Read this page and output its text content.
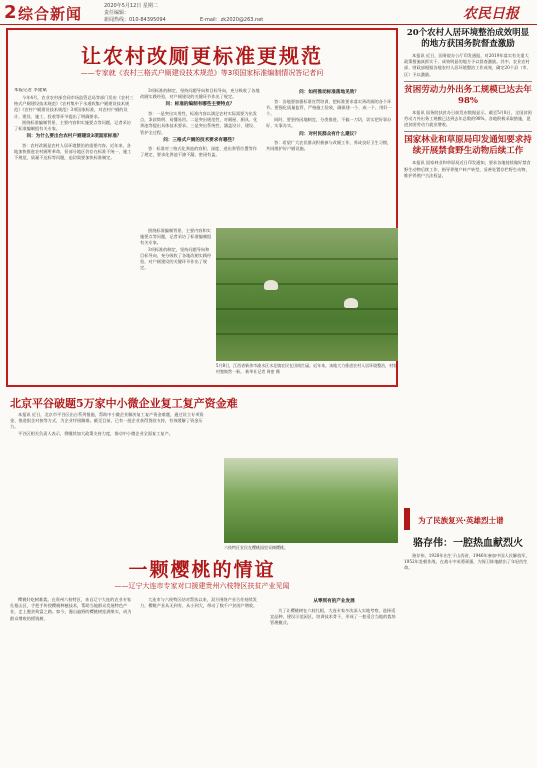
2 综合新闻	2020年5月12日 星期二
责任编辑：
新闻热线：010-84395094	E-mail：zk2020@263.net	农民日报
让农村改厕更标准更规范
——专家就《农村三格式户厕建设技术规范》等3项国家标准编制情况答记者问

本报记者 李建斌

今年4月，农业农村部会同市场监管总局等部门发布《农村三格式户厕建设技术规范》《农村集中下水道收集户厕建设技术规范》《农村户厕建设技术规范》3项国家标准，对农村户厕的设计、建设、施工、验收等环节提出了明确要求。

围绕标准编制背景、主要内容和实施要点等问题，记者采访了标准编制组有关专家。

问：为什么要出台农村户厕建设3项国家标准？

答：农村改厕是农村人居环境整治的重要内容。近年来，各地加快推进农村厕所革命，但部分地区仍存在标准不统一、施工不规范、质量不达标等问题，迫切需要加快标准制定。

3项标准的制定，坚持问题导向和目标导向，充分吸收了各地改厕实践经验，对户厕建设的关键环节作出了规定。

问：标准的编制有哪些主要特点？

答：一是突出实用性，标准内容以满足农村实际需要为出发点，条款简明、易懂易用。二是突出规范性，对厕屋、厕具、化粪池等提出具体技术要求。三是突出系统性，涵盖设计、建设、管护全过程。

问：三格式户厕的技术要求有哪些？

答：标准对三格式化粪池的容积、深度、进出粪管位置等作了规定，要求化粪池不渗不漏、密闭有盖。

问：如何推动标准落地见效？

答：各地要加强标准宣贯培训，把标准要求落实到改厕的各个环节。要强化质量监管，严格施工验收，确保建一个、成一个、用好一个。

同时，要坚持因地制宜，分类推进，不搞一刀切，切实把好事办好、实事办实。

问：对村民群众有什么建议？

答：希望广大农民群众积极参与改厕工作，养成良好卫生习惯，共同维护好户厕设施。

围绕标准编制背景、主要内容和实施要点等问题，记者采访了标准编制组有关专家。

3项标准的制定，坚持问题导向和目标导向，充分吸收了各地改厕实践经验，对户厕建设的关键环节作出了规定。

5月8日，江西省新余市渝水区水北镇农民在田间忙碌。近年来，该地大力推进农村人居环境整治，村容村貌焕然一新。 新华社记者 周密 摄
20个农村人居环境整治成效明显的地方获国务院督查激励

本报讯 近日，国务院办公厅印发通报，对2019年落实有关重大政策措施真抓实干、成效明显的地方予以督查激励。其中，农业农村部、财政部根据各地农村人居环境整治工作成效，确定20个县（市、区）予以激励。

贫困劳动力外出务工规模已达去年98%

本报讯 国务院扶贫办日前发布数据显示，截至5月8日，全国贫困劳动力外出务工规模已达到去年总数的98%，各地积极采取措施，促进贫困劳动力就业增收。

国家林业和草原局印发通知要求持续开展禁食野生动物后续工作

本报讯 国家林业和草原局近日印发通知，要求各地持续做好禁食野生动物后续工作，指导养殖户转产转型，妥善处置存栏野生动物，维护养殖户合法权益。

为了民族复兴·英雄烈士谱
骆存伟：一腔热血献烈火

骆存伟，1928年出生于山西省，1946年参加中国人民解放军，1952年赴朝作战，在战斗中英勇顽强，为保卫阵地献出了年轻的生命。

北京平谷破题5万家中小微企业复工复产资金难

本报讯 近日，北京市平谷区出台系列措施，帮助中小微企业解决复工复产资金难题，通过设立专项资金、推进银企对接等方式，为企业纾困解难。截至目前，已有一批企业获得贷款支持，有效缓解了资金压力。

平谷区相关负责人表示，将继续加大政策支持力度，推动中小微企业全面复工复产。

六枝特区农民在樱桃园里采摘樱桃。
一颗樱桃的情谊
——辽宁大连市专家对口援建贵州六枝特区扶贫产业见闻

樱桃好吃树难栽。在贵州六枝特区，来自辽宁大连的农业专家扎根山区，手把手传授樱桃种植技术，帮助当地群众发展特色产业，走上脱贫致富之路。如今，漫山遍野的樱桃树挂满果实，成为群众增收的摇钱树。

大连市与六枝特区结对帮扶以来，双方围绕产业合作持续发力，樱桃产业从无到有、从小到大，带动了数千户贫困户增收。

从零到有的产业发展

为了让樱桃树在六枝扎根，大连专家多次深入实地考察，选择适宜品种，建设示范园区，培训技术骨干，形成了一套适合当地的栽培管理模式。
